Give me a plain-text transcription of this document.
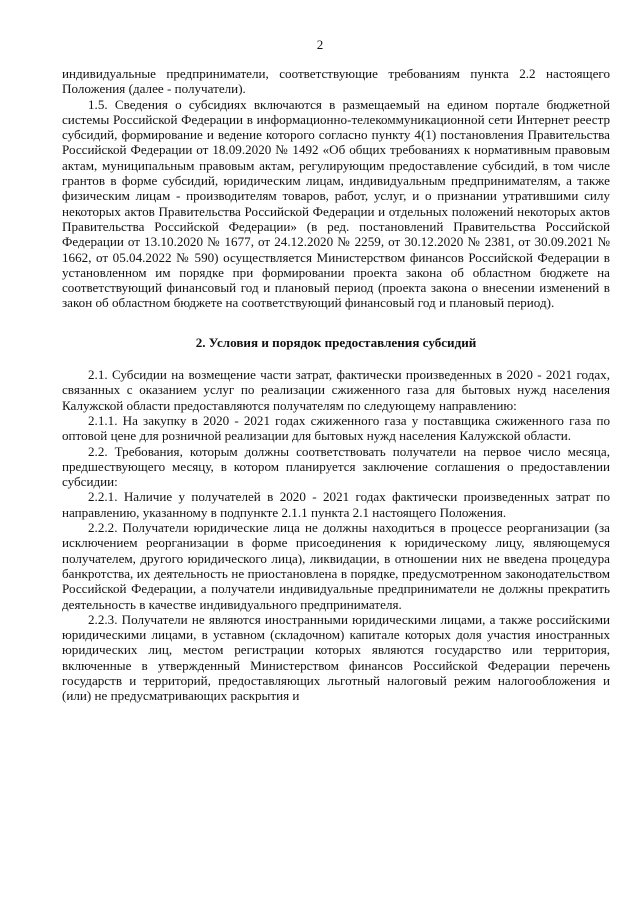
2

индивидуальные предприниматели, соответствующие требованиям пункта 2.2 настоящего Положения (далее - получатели).

1.5. Сведения о субсидиях включаются в размещаемый на едином портале бюджетной системы Российской Федерации в информационно-телекоммуникационной сети Интернет реестр субсидий, формирование и ведение которого согласно пункту 4(1) постановления Правительства Российской Федерации от 18.09.2020 № 1492 «Об общих требованиях к нормативным правовым актам, муниципальным правовым актам, регулирующим предоставление субсидий, в том числе грантов в форме субсидий, юридическим лицам, индивидуальным предпринимателям, а также физическим лицам - производителям товаров, работ, услуг, и о признании утратившими силу некоторых актов Правительства Российской Федерации и отдельных положений некоторых актов Правительства Российской Федерации» (в ред. постановлений Правительства Российской Федерации от 13.10.2020 № 1677, от 24.12.2020 № 2259, от 30.12.2020 № 2381, от 30.09.2021 № 1662, от 05.04.2022 № 590) осуществляется Министерством финансов Российской Федерации в установленном им порядке при формировании проекта закона об областном бюджете на соответствующий финансовый год и плановый период (проекта закона о внесении изменений в закон об областном бюджете на соответствующий финансовый год и плановый период).

2. Условия и порядок предоставления субсидий

2.1. Субсидии на возмещение части затрат, фактически произведенных в 2020 - 2021 годах, связанных с оказанием услуг по реализации сжиженного газа для бытовых нужд населения Калужской области предоставляются получателям по следующему направлению:

2.1.1. На закупку в 2020 - 2021 годах сжиженного газа у поставщика сжиженного газа по оптовой цене для розничной реализации для бытовых нужд населения Калужской области.

2.2. Требования, которым должны соответствовать получатели на первое число месяца, предшествующего месяцу, в котором планируется заключение соглашения о предоставлении субсидии:

2.2.1. Наличие у получателей в 2020 - 2021 годах фактически произведенных затрат по направлению, указанному в подпункте 2.1.1 пункта 2.1 настоящего Положения.

2.2.2. Получатели юридические лица не должны находиться в процессе реорганизации (за исключением реорганизации в форме присоединения к юридическому лицу, являющемуся получателем, другого юридического лица), ликвидации, в отношении них не введена процедура банкротства, их деятельность не приостановлена в порядке, предусмотренном законодательством Российской Федерации, а получатели индивидуальные предприниматели не должны прекратить деятельность в качестве индивидуального предпринимателя.

2.2.3. Получатели не являются иностранными юридическими лицами, а также российскими юридическими лицами, в уставном (складочном) капитале которых доля участия иностранных юридических лиц, местом регистрации которых являются государство или территория, включенные в утвержденный Министерством финансов Российской Федерации перечень государств и территорий, предоставляющих льготный налоговый режим налогообложения и (или) не предусматривающих раскрытия и
